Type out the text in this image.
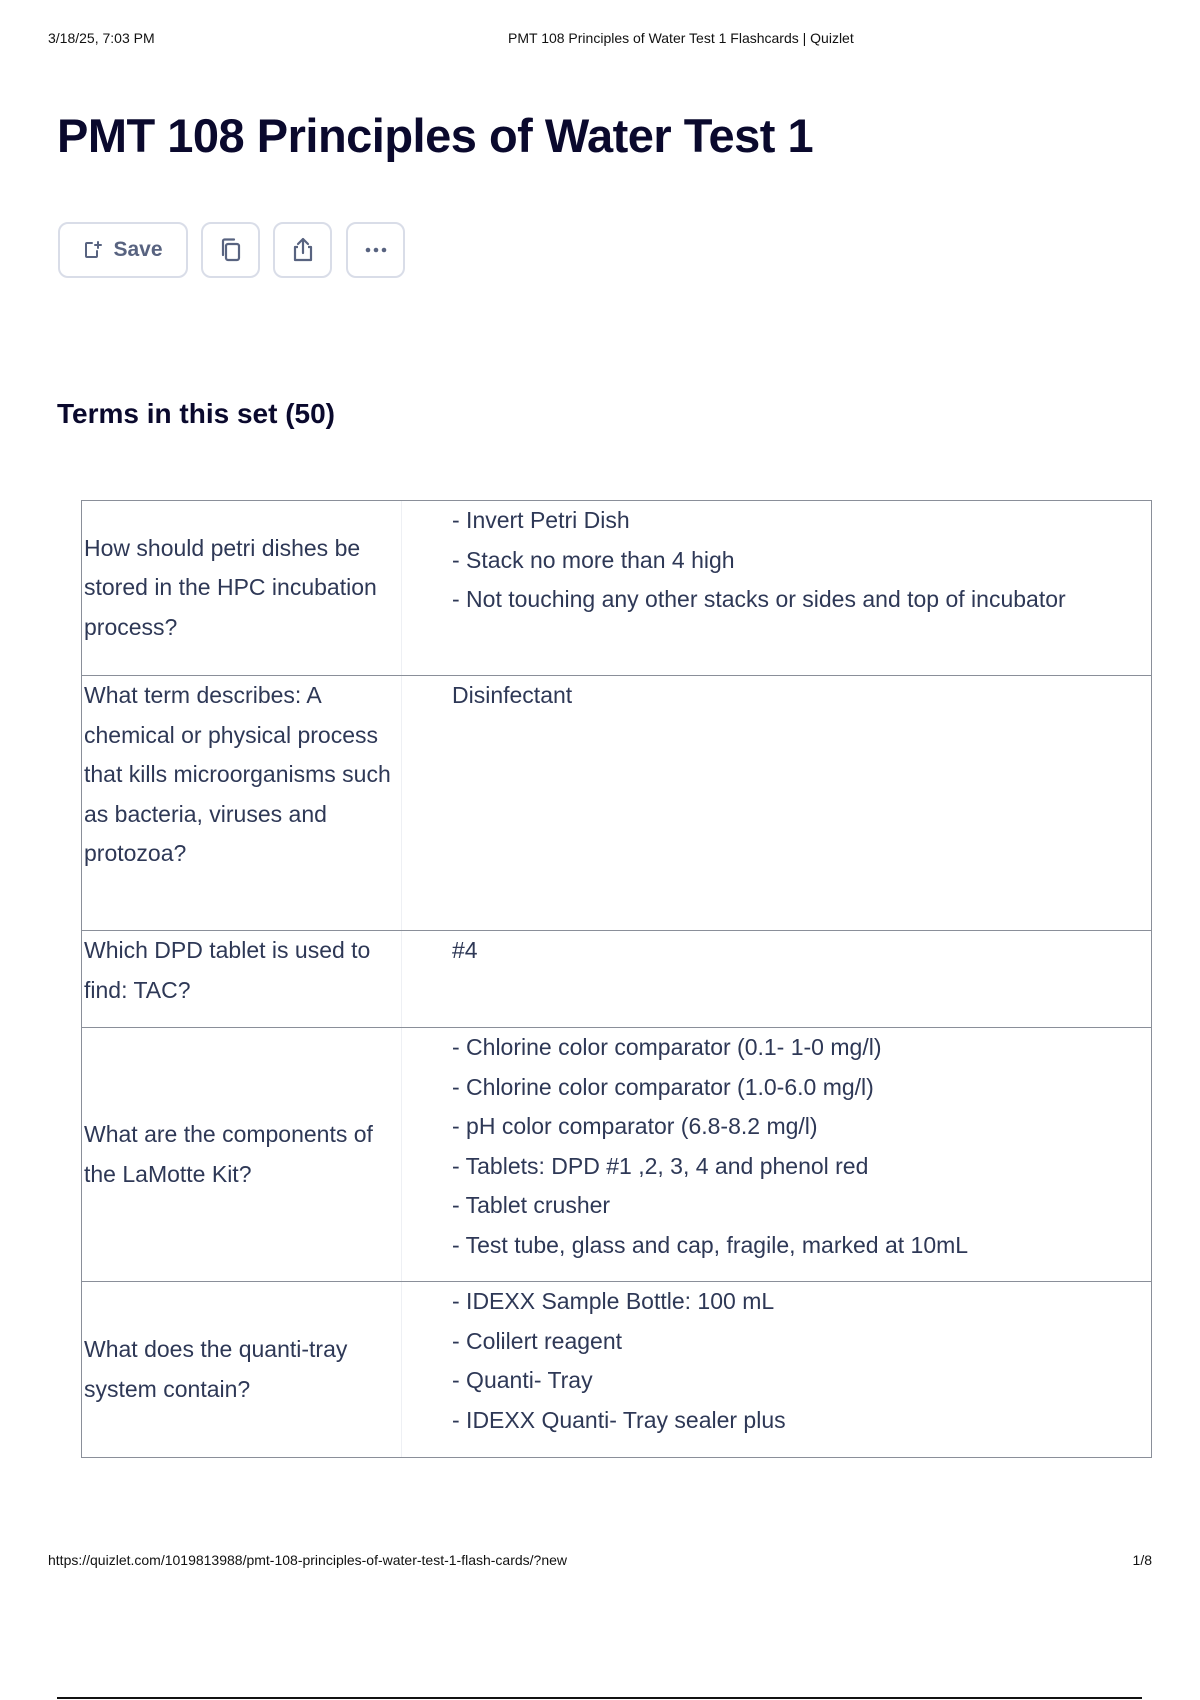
3/18/25, 7:03 PM	PMT 108 Principles of Water Test 1 Flashcards | Quizlet
PMT 108 Principles of Water Test 1
Save
Terms in this set (50)
How should petri dishes be stored in the HPC incubation process?
- Invert Petri Dish
- Stack no more than 4 high
- Not touching any other stacks or sides and top of incubator
What term describes: A chemical or physical process that kills microorganisms such as bacteria, viruses and protozoa?
Disinfectant
Which DPD tablet is used to find: TAC?
#4
What are the components of the LaMotte Kit?
- Chlorine color comparator (0.1- 1-0 mg/l)
- Chlorine color comparator (1.0-6.0 mg/l)
- pH color comparator (6.8-8.2 mg/l)
- Tablets: DPD #1 ,2, 3, 4 and phenol red
- Tablet crusher
- Test tube, glass and cap, fragile, marked at 10mL
What does the quanti-tray system contain?
- IDEXX Sample Bottle: 100 mL
- Colilert reagent
- Quanti- Tray
- IDEXX Quanti- Tray sealer plus
https://quizlet.com/1019813988/pmt-108-principles-of-water-test-1-flash-cards/?new	1/8
